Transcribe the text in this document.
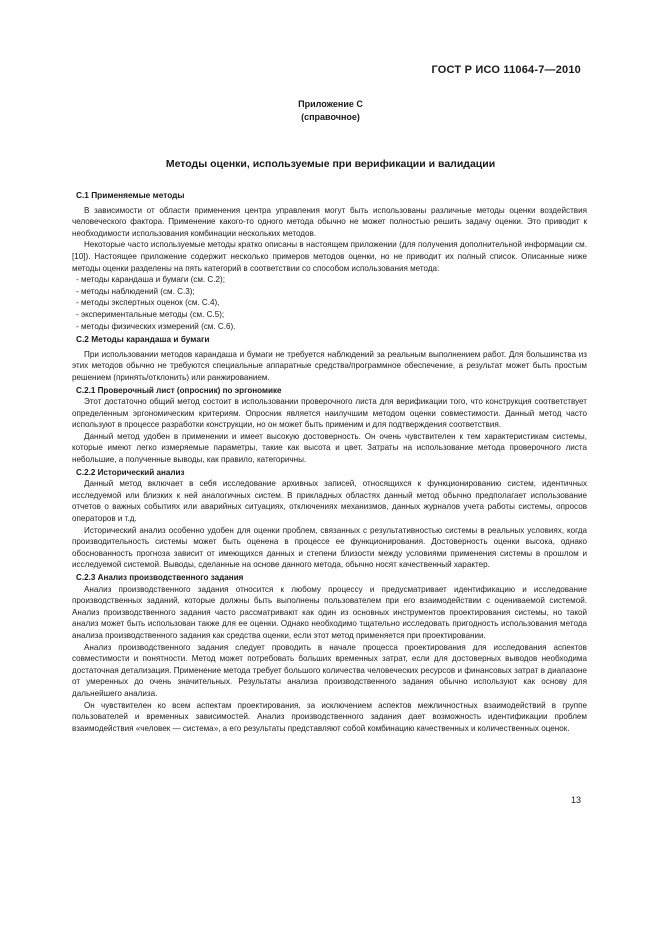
ГОСТ Р ИСО 11064-7—2010
Приложение С
(справочное)
Методы оценки, используемые при верификации и валидации
С.1 Применяемые методы

В зависимости от области применения центра управления могут быть использованы различные методы оценки воздействия человеческого фактора. Применение какого-то одного метода обычно не может полностью решить задачу оценки. Это приводит к необходимости использования комбинации нескольких методов.

Некоторые часто используемые методы кратко описаны в настоящем приложении (для получения дополнительной информации см. [10]). Настоящее приложение содержит несколько примеров методов оценки, но не приводит их полный список. Описанные ниже методы оценки разделены на пять категорий в соответствии со способом использования метода:

- методы карандаша и бумаги (см. С.2);

- методы наблюдений (см. С.3);

- методы экспертных оценок (см. С.4),

- экспериментальные методы (см. С.5);

- методы физических измерений (см. С.6).

С.2 Методы карандаша и бумаги

При использовании методов карандаша и бумаги не требуется наблюдений за реальным выполнением работ. Для большинства из этих методов обычно не требуются специальные аппаратные средства/программное обеспечение, а результат может быть простым решением (принять/отклонить) или ранжированием.

С.2.1 Проверочный лист (опросник) по эргономике

Этот достаточно общий метод состоит в использовании проверочного листа для верификации того, что конструкция соответствует определенным эргономическим критериям. Опросник является наилучшим методом оценки совместимости. Данный метод часто используют в процессе разработки конструкции, но он может быть применим и для подтверждения соответствия.

Данный метод удобен в применении и имеет высокую достоверность. Он очень чувствителен к тем характеристикам системы, которые имеют легко измеряемые параметры, такие как высота и цвет. Затраты на использование метода проверочного листа небольшие, а полученные выводы, как правило, категоричны.

С.2.2 Исторический анализ

Данный метод включает в себя исследование архивных записей, относящихся к функционированию систем, идентичных исследуемой или близких к ней аналогичных систем. В прикладных областях данный метод обычно предполагает использование отчетов о важных событиях или аварийных ситуациях, отключениях механизмов, данных журналов учета работы системы, опросов операторов и т.д.

Исторический анализ особенно удобен для оценки проблем, связанных с результативностью системы в реальных условиях, когда производительность системы может быть оценена в процессе ее функционирования. Достоверность оценки высока, однако обоснованность прогноза зависит от имеющихся данных и степени близости между условиями применения системы в прошлом и исследуемой системой. Выводы, сделанные на основе данного метода, обычно носят качественный характер.

С.2.3 Анализ производственного задания

Анализ производственного задания относится к любому процессу и предусматривает идентификацию и исследование производственных заданий, которые должны быть выполнены пользователем при его взаимодействии с оцениваемой системой. Анализ производственного задания часто рассматривают как один из основных инструментов проектирования системы, но такой анализ может быть использован также для ее оценки. Однако необходимо тщательно исследовать пригодность использования метода анализа производственного задания как средства оценки, если этот метод применяется при проектировании.

Анализ производственного задания следует проводить в начале процесса проектирования для исследования аспектов совместимости и понятности. Метод может потребовать больших временных затрат, если для достоверных выводов необходима достаточная детализация. Применение метода требует большого количества человеческих ресурсов и финансовых затрат в диапазоне от умеренных до очень значительных. Результаты анализа производственного задания обычно используют как основу для дальнейшего анализа.

Он чувствителен ко всем аспектам проектирования, за исключением аспектов межличностных взаимодействий в группе пользователей и временных зависимостей. Анализ производственного задания дает возможность идентификации проблем взаимодействия «человек — система», а его результаты представляют собой комбинацию качественных и количественных оценок.

13
